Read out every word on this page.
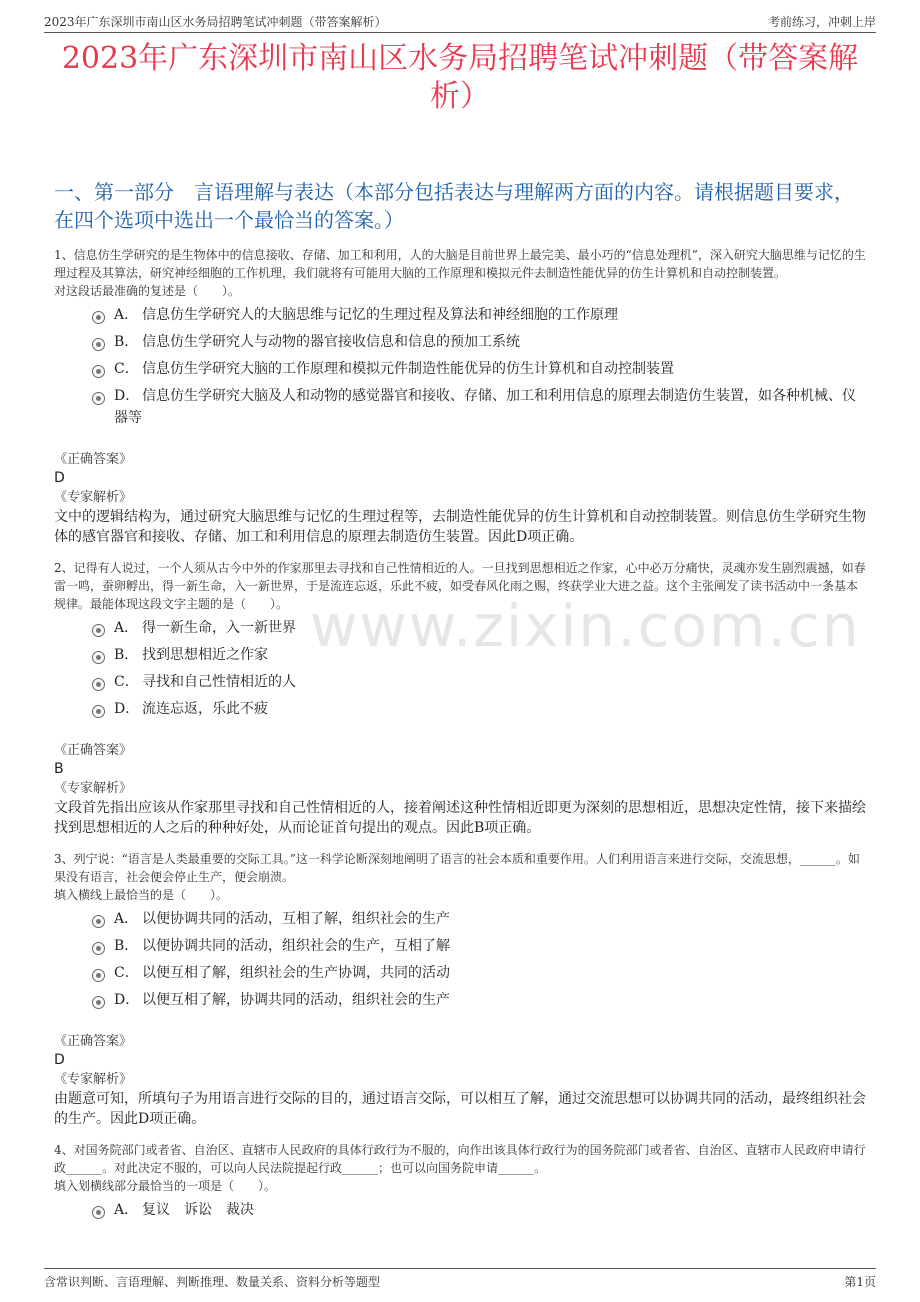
2023年广东深圳市南山区水务局招聘笔试冲刺题（带答案解析）	考前练习，冲刺上岸
2023年广东深圳市南山区水务局招聘笔试冲刺题（带答案解析）
一、第一部分　言语理解与表达（本部分包括表达与理解两方面的内容。请根据题目要求，在四个选项中选出一个最恰当的答案。）
www.zixin.com.cn
1、信息仿生学研究的是生物体中的信息接收、存储、加工和利用，人的大脑是目前世界上最完美、最小巧的“信息处理机”，深入研究大脑思维与记忆的生理过程及其算法，研究神经细胞的工作机理，我们就将有可能用大脑的工作原理和模拟元件去制造性能优异的仿生计算机和自动控制装置。
对这段话最准确的复述是（　　）。
A． 信息仿生学研究人的大脑思维与记忆的生理过程及算法和神经细胞的工作原理
B． 信息仿生学研究人与动物的器官接收信息和信息的预加工系统
C． 信息仿生学研究大脑的工作原理和模拟元件制造性能优异的仿生计算机和自动控制装置
D． 信息仿生学研究大脑及人和动物的感觉器官和接收、存储、加工和利用信息的原理去制造仿生装置，如各种机械、仪器等
《正确答案》
D
《专家解析》
文中的逻辑结构为，通过研究大脑思维与记忆的生理过程等，去制造性能优异的仿生计算机和自动控制装置。则信息仿生学研究生物体的感官器官和接收、存储、加工和利用信息的原理去制造仿生装置。因此D项正确。
2、记得有人说过，一个人须从古今中外的作家那里去寻找和自己性情相近的人。一旦找到思想相近之作家，心中必万分痛快，灵魂亦发生剧烈震撼，如春雷一鸣，蚕卵孵出，得一新生命，入一新世界，于是流连忘返，乐此不疲，如受春风化雨之赐，终获学业大进之益。这个主张阐发了读书活动中一条基本规律。最能体现这段文字主题的是（　　）。
A． 得一新生命，入一新世界
B． 找到思想相近之作家
C． 寻找和自己性情相近的人
D． 流连忘返，乐此不疲
《正确答案》
B
《专家解析》
文段首先指出应该从作家那里寻找和自己性情相近的人，接着阐述这种性情相近即更为深刻的思想相近，思想决定性情，接下来描绘找到思想相近的人之后的种种好处，从而论证首句提出的观点。因此B项正确。
3、列宁说：“语言是人类最重要的交际工具。”这一科学论断深刻地阐明了语言的社会本质和重要作用。人们利用语言来进行交际，交流思想，______。如果没有语言，社会便会停止生产，便会崩溃。
填入横线上最恰当的是（　　）。
A． 以便协调共同的活动，互相了解，组织社会的生产
B． 以便协调共同的活动，组织社会的生产，互相了解
C． 以便互相了解，组织社会的生产协调，共同的活动
D． 以便互相了解，协调共同的活动，组织社会的生产
《正确答案》
D
《专家解析》
由题意可知，所填句子为用语言进行交际的目的，通过语言交际，可以相互了解，通过交流思想可以协调共同的活动，最终组织社会的生产。因此D项正确。
4、对国务院部门或者省、自治区、直辖市人民政府的具体行政行为不服的，向作出该具体行政行为的国务院部门或者省、自治区、直辖市人民政府申请行政______。对此决定不服的，可以向人民法院提起行政______；也可以向国务院申请______。
填入划横线部分最恰当的一项是（　　）。
A． 复议　诉讼　裁决
含常识判断、言语理解、判断推理、数量关系、资料分析等题型	第1页
